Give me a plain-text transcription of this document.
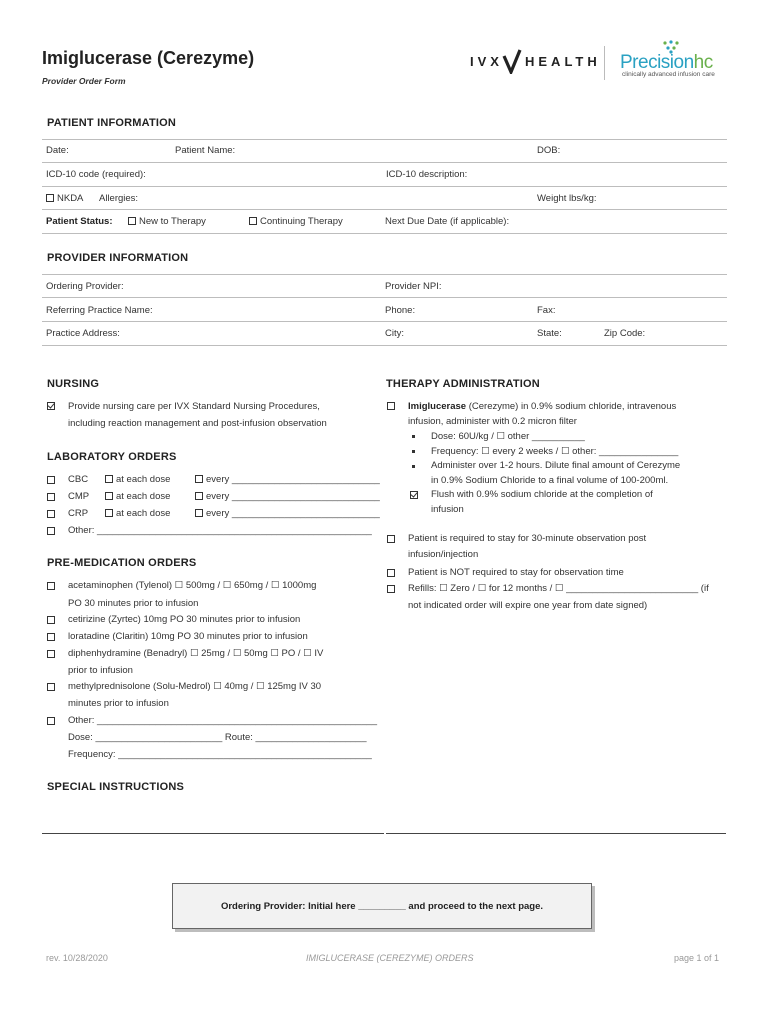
Imiglucerase (Cerezyme)
Provider Order Form
IVX HEALTH Precisionhc
clinically advanced infusion care
PATIENT INFORMATION
Date:	Patient Name:	DOB:
ICD-10 code (required):	ICD-10 description:
NKDA Allergies:	Weight lbs/kg:
Patient Status:	New to Therapy	Continuing Therapy	Next Due Date (if applicable):
PROVIDER INFORMATION
Ordering Provider:	Provider NPI:
Referring Practice Name:	Phone:	Fax:
Practice Address:	City:	State:	Zip Code:
NURSING
Provide nursing care per IVX Standard Nursing Procedures,
including reaction management and post-infusion observation
LABORATORY ORDERS
CBC	at each dose	every ____________________________
CMP	at each dose	every ____________________________
CRP	at each dose	every ____________________________
Other: ____________________________________________________
PRE-MEDICATION ORDERS
acetaminophen (Tylenol) ☐ 500mg / ☐ 650mg / ☐ 1000mg
PO 30 minutes prior to infusion
cetirizine (Zyrtec) 10mg PO 30 minutes prior to infusion
loratadine (Claritin) 10mg PO 30 minutes prior to infusion
diphenhydramine (Benadryl) ☐ 25mg / ☐ 50mg ☐ PO / ☐ IV
prior to infusion
methylprednisolone (Solu-Medrol) ☐ 40mg / ☐ 125mg IV 30
minutes prior to infusion
Other: _____________________________________________________
Dose: ________________________ Route: _____________________
Frequency: ________________________________________________
THERAPY ADMINISTRATION
Imiglucerase (Cerezyme) in 0.9% sodium chloride, intravenous
infusion, administer with 0.2 micron filter
Dose: 60U/kg / ☐ other __________
Frequency: ☐ every 2 weeks / ☐ other: _______________
Administer over 1-2 hours. Dilute final amount of Cerezyme
in 0.9% Sodium Chloride to a final volume of 100-200ml.
Flush with 0.9% sodium chloride at the completion of
infusion
Patient is required to stay for 30-minute observation post
infusion/injection
Patient is NOT required to stay for observation time
Refills: ☐ Zero / ☐ for 12 months / ☐ _________________________ (if
not indicated order will expire one year from date signed)
SPECIAL INSTRUCTIONS
Ordering Provider: Initial here _________ and proceed to the next page.
rev. 10/28/2020	IMIGLUCERASE (CEREZYME) ORDERS	page 1 of 1
